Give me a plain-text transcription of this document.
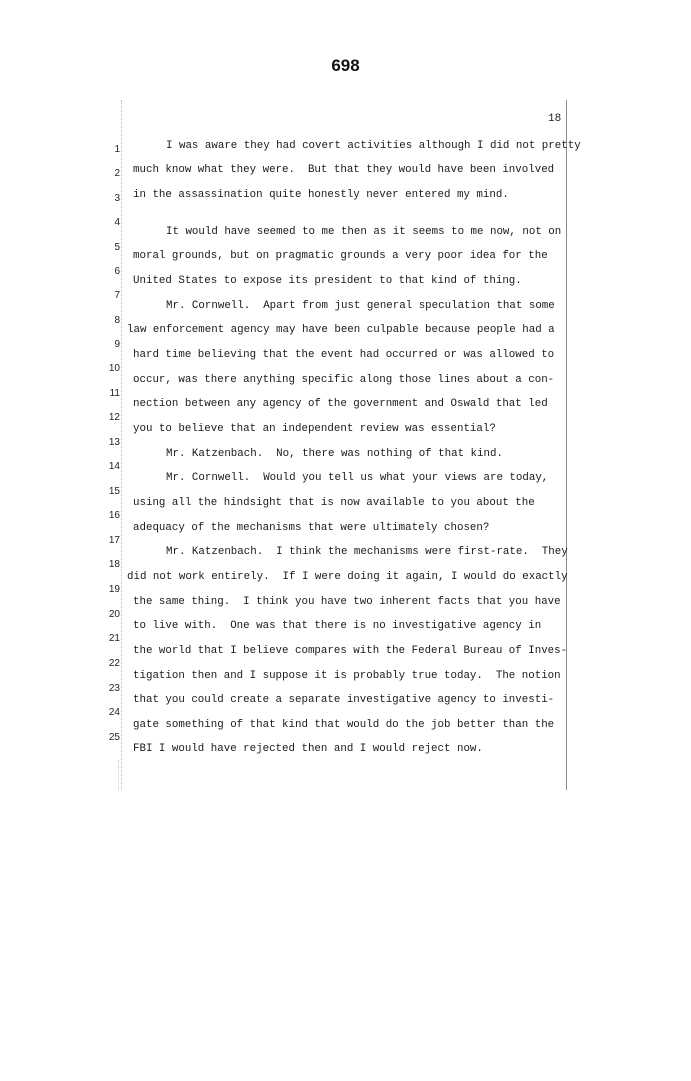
698
18
1
2
3
4
5
6
7
8
9
10
11
12
13
14
15
16
17
18
19
20
21
22
23
24
25
I was aware they had covert activities although I did not pretty
much know what they were.  But that they would have been involved
in the assassination quite honestly never entered my mind.
It would have seemed to me then as it seems to me now, not on
moral grounds, but on pragmatic grounds a very poor idea for the
United States to expose its president to that kind of thing.
Mr. Cornwell.  Apart from just general speculation that some
law enforcement agency may have been culpable because people had a
hard time believing that the event had occurred or was allowed to
occur, was there anything specific along those lines about a con-
nection between any agency of the government and Oswald that led
you to believe that an independent review was essential?
Mr. Katzenbach.  No, there was nothing of that kind.
Mr. Cornwell.  Would you tell us what your views are today,
using all the hindsight that is now available to you about the
adequacy of the mechanisms that were ultimately chosen?
Mr. Katzenbach.  I think the mechanisms were first-rate.  They
did not work entirely.  If I were doing it again, I would do exactly
the same thing.  I think you have two inherent facts that you have
to live with.  One was that there is no investigative agency in
the world that I believe compares with the Federal Bureau of Inves-
tigation then and I suppose it is probably true today.  The notion
that you could create a separate investigative agency to investi-
gate something of that kind that would do the job better than the
FBI I would have rejected then and I would reject now.
